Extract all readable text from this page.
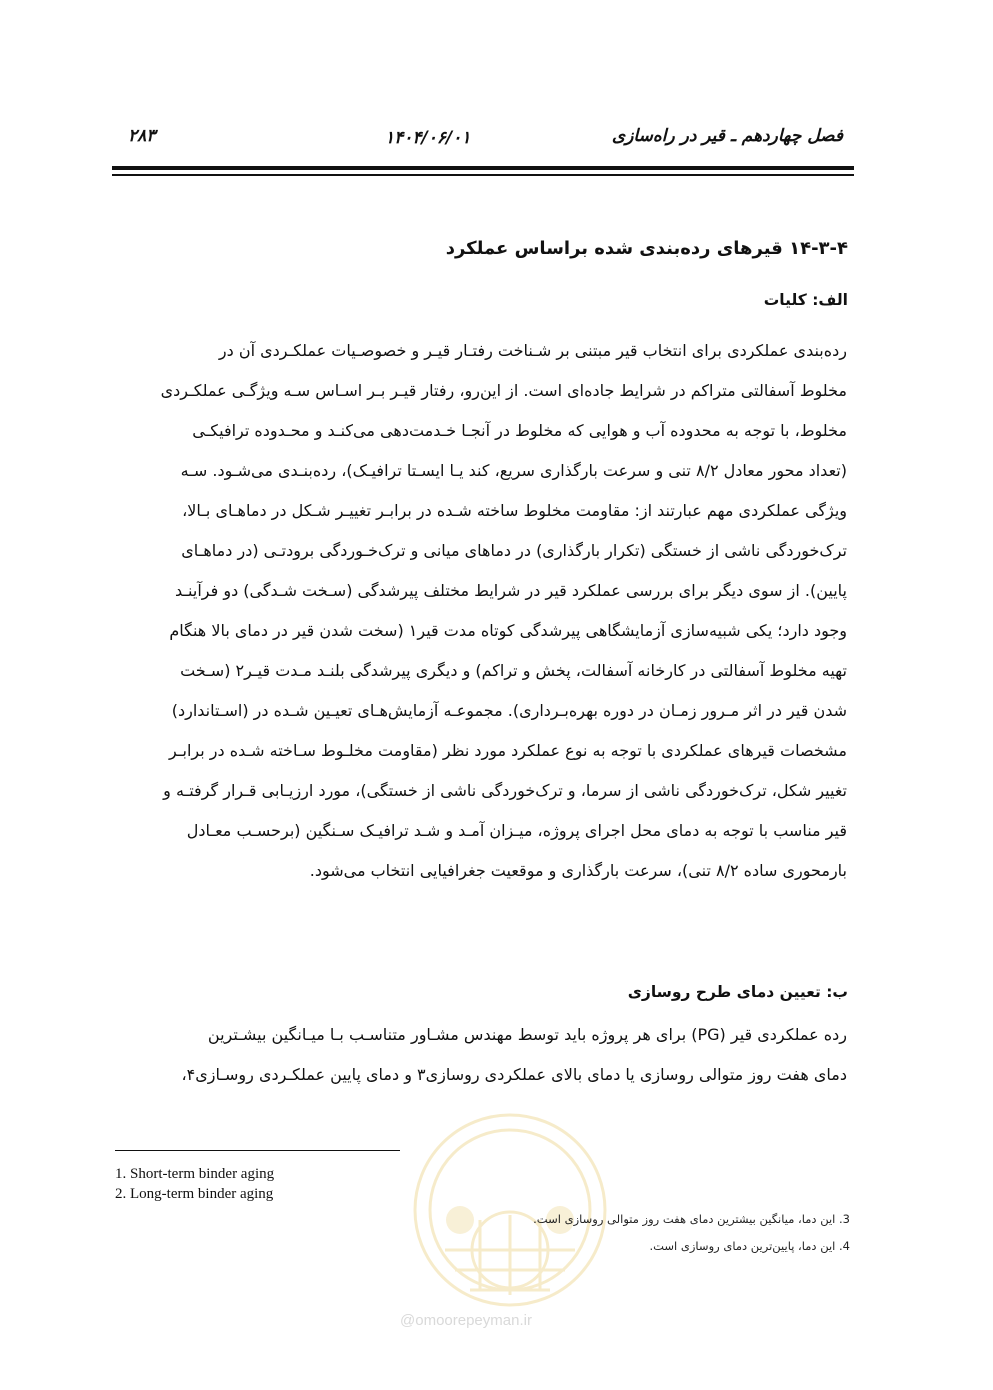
۲۸۳	۱۴۰۴/۰۶/۰۱	فصل چهاردهم ـ قیر در راه‌سازی
۱۴-۳-۴ قیرهای رده‌بندی شده براساس عملکرد
الف: کلیات
رده‌بندی عملکردی برای انتخاب قیر مبتنی بر شـناخت رفتـار قیـر و خصوصـیات عملکـردی آن در
مخلوط آسفالتی متراکم در شرایط جاده‌ای است. از این‌رو، رفتار قیـر بـر اسـاس سـه ویژگـی عملکـردی
مخلوط، با توجه به محدوده آب و هوایی که مخلوط در آنجـا خـدمت‌دهی می‌کنـد و محـدوده ترافیکـی
(تعداد محور معادل ۸/۲ تنی و سرعت بارگذاری سریع، کند یـا ایسـتا ترافیـک)، رده‌بنـدی می‌شـود. سـه
ویژگی عملکردی مهم عبارتند از: مقاومت مخلوط ساخته شـده در برابـر تغییـر شـکل در دماهـای بـالا،
ترک‌خوردگی ناشی از خستگی (تکرار بارگذاری) در دماهای میانی و ترک‌خـوردگی برودتـی (در دماهـای
پایین). از سوی دیگر برای بررسی عملکرد قیر در شرایط مختلف پیرشدگی (سـخت شـدگی) دو فرآینـد
وجود دارد؛ یکی شبیه‌سازی آزمایشگاهی پیرشدگی کوتاه مدت قیر۱ (سخت شدن قیر در دمای بالا هنگام
تهیه مخلوط آسفالتی در کارخانه آسفالت، پخش و تراکم) و دیگری پیرشدگی بلنـد مـدت قیـر۲ (سـخت
شدن قیر در اثر مـرور زمـان در دوره بهره‌بـرداری). مجموعـه آزمایش‌هـای تعیـین شـده در (اسـتاندارد)
مشخصات قیرهای عملکردی با توجه به نوع عملکرد مورد نظر (مقاومت مخلـوط سـاخته شـده در برابـر
تغییر شکل، ترک‌خوردگی ناشی از سرما، و ترک‌خوردگی ناشی از خستگی)، مورد ارزیـابی قـرار گرفتـه و
قیر مناسب با توجه به دمای محل اجرای پروژه، میـزان آمـد و شـد ترافیـک سـنگین (برحسـب معـادل
بارمحوری ساده ۸/۲ تنی)، سرعت بارگذاری و موقعیت جغرافیایی انتخاب می‌شود.
ب: تعیین دمای طرح روسازی
رده عملکردی قیر (PG) برای هر پروژه باید توسط مهندس مشـاور متناسـب بـا میـانگین بیشـترین
دمای هفت روز متوالی روسازی یا دمای بالای عملکردی روسازی۳ و دمای پایین عملکـردی روسـازی۴،
@omoorepeyman.ir
1. Short-term binder aging
2. Long-term binder aging
3. این دما، میانگین بیشترین دمای هفت روز متوالی روسازی است.
4. این دما، پایین‌ترین دمای روسازی است.
